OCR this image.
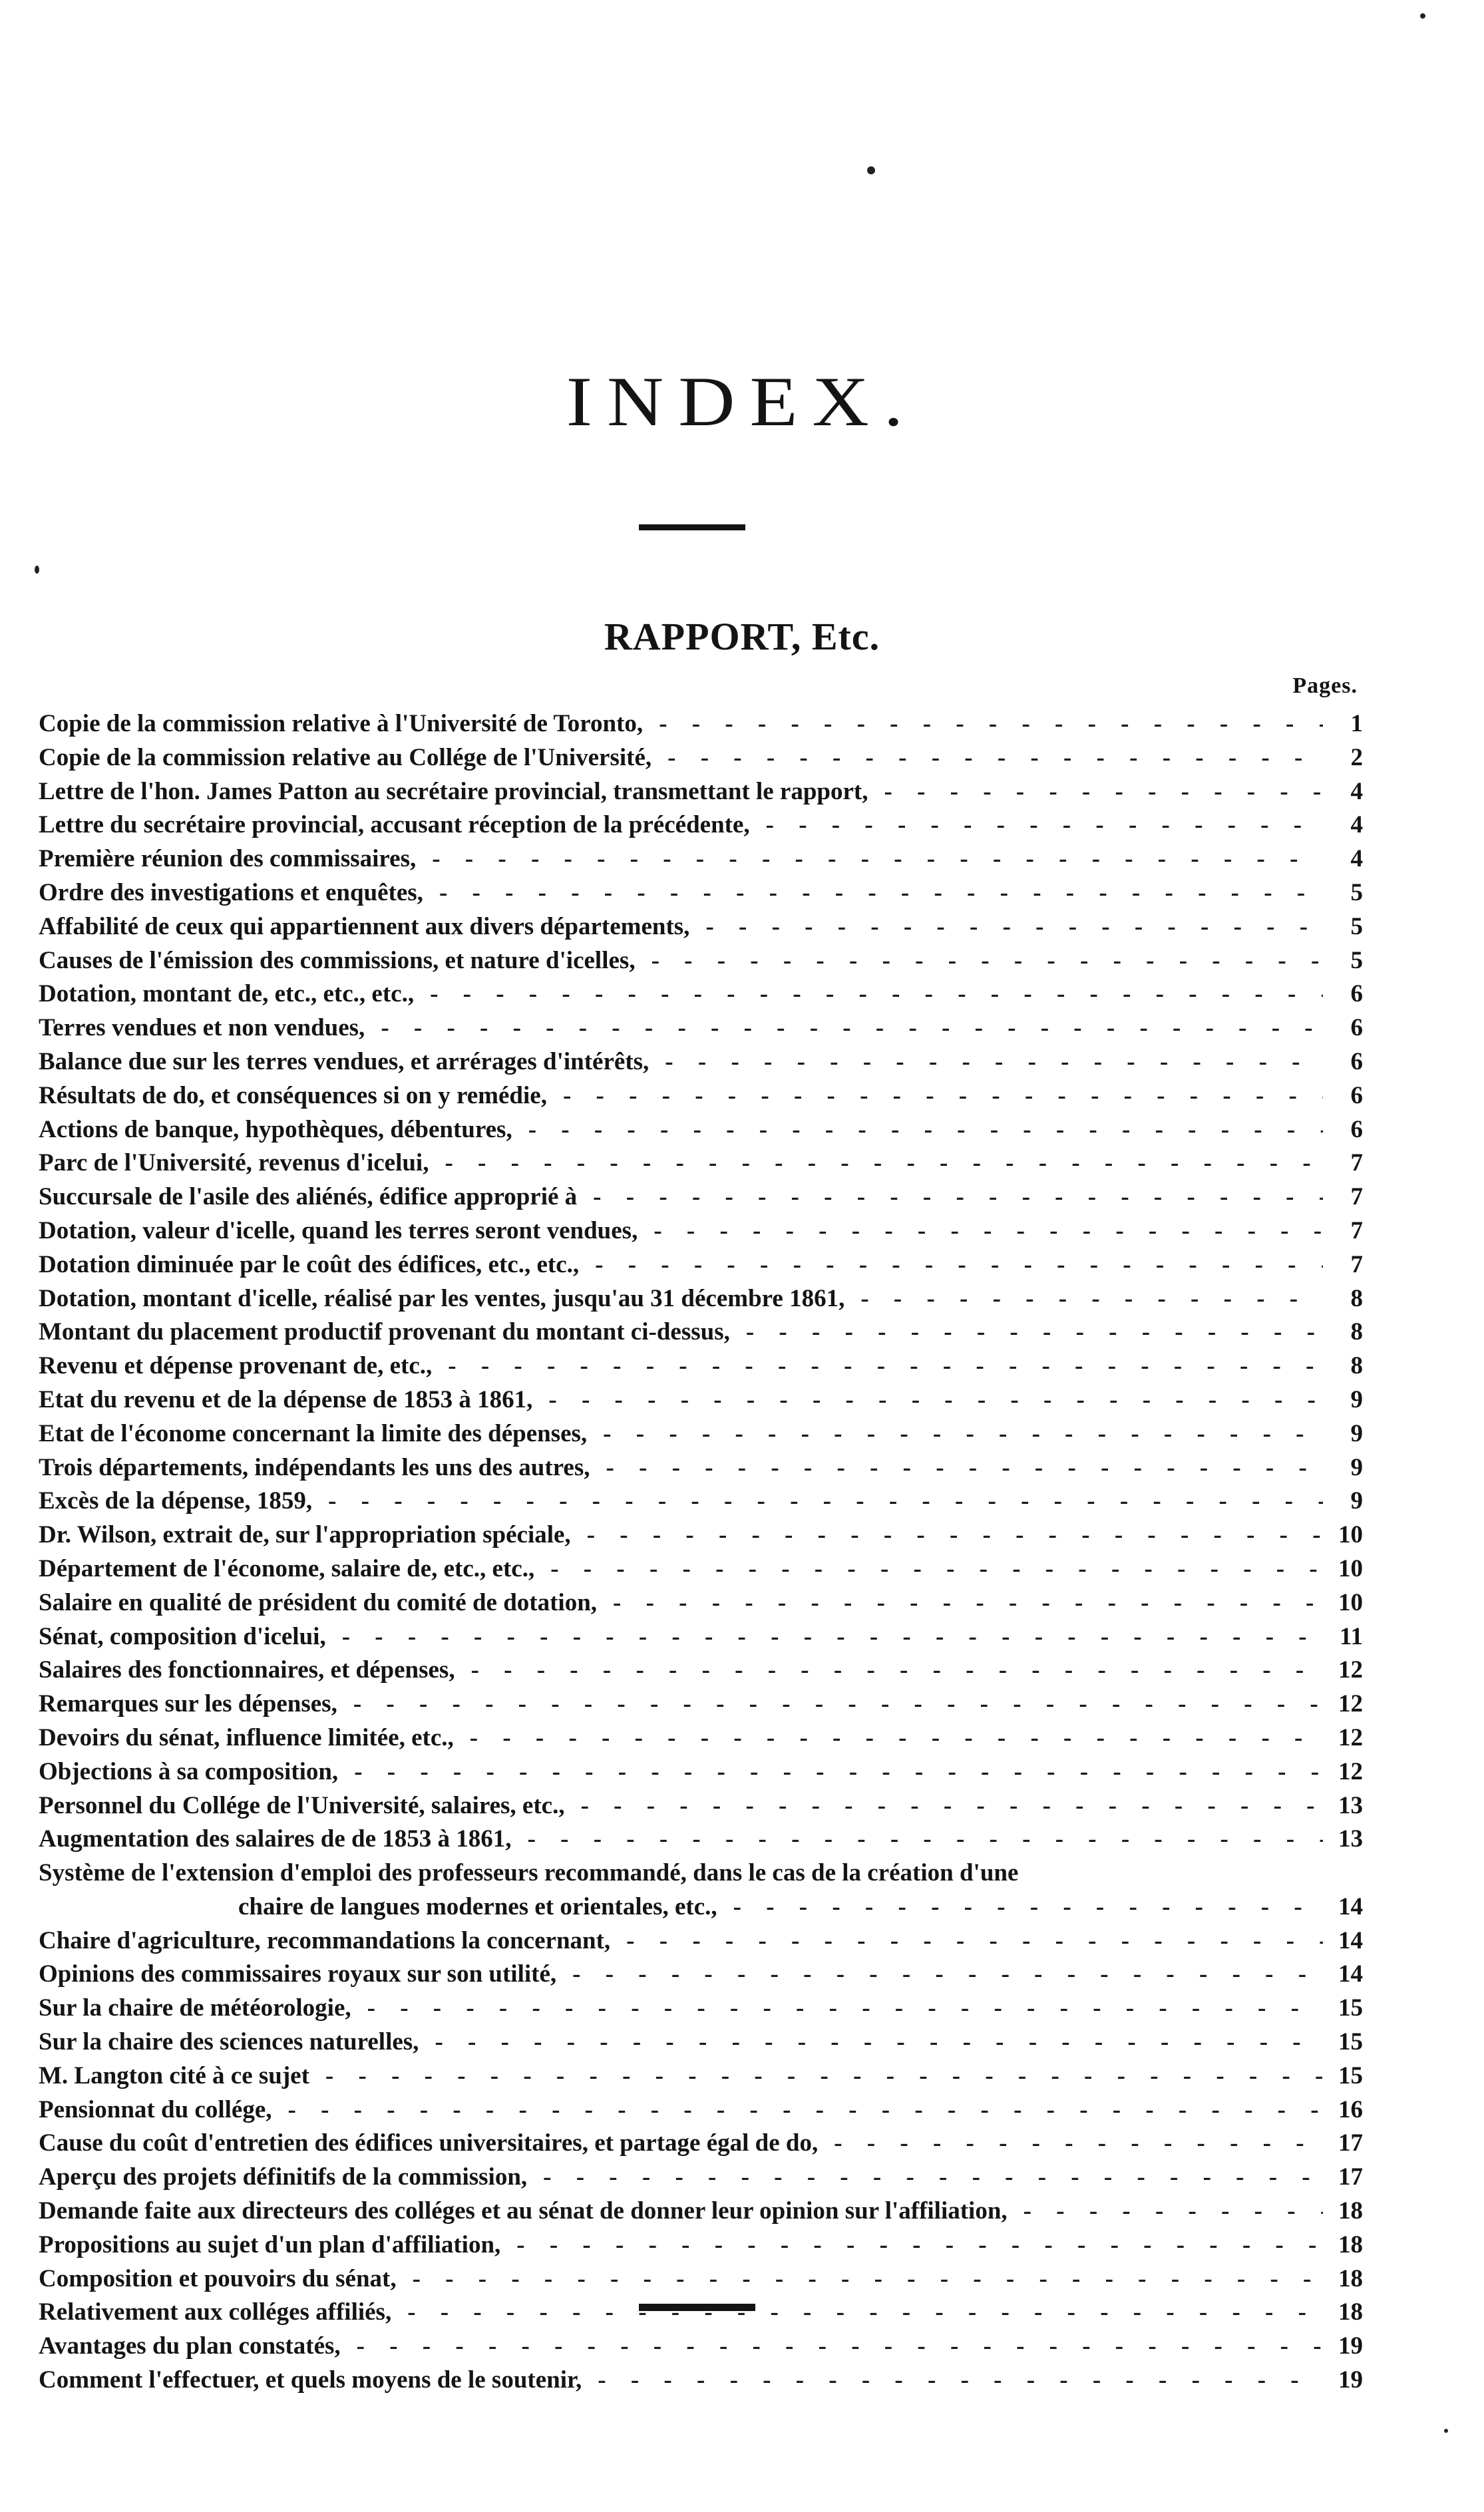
INDEX.
RAPPORT, Etc.
Pages.
Copie de la commission relative à l'Université de Toronto, - - -	1
Copie de la commission relative au Collége de l'Université, - - -	2
Lettre de l'hon. James Patton au secrétaire provincial, transmettant le rapport, - - -	4
Lettre du secrétaire provincial, accusant réception de la précédente, - - -	4
Première réunion des commissaires, - - -	4
Ordre des investigations et enquêtes, - - -	5
Affabilité de ceux qui appartiennent aux divers départements, - - -	5
Causes de l'émission des commissions, et nature d'icelles, - - -	5
Dotation, montant de, etc., etc., etc., - - -	6
Terres vendues et non vendues, - - -	6
Balance due sur les terres vendues, et arrérages d'intérêts, - - -	6
Résultats de do, et conséquences si on y remédie, - - -	6
Actions de banque, hypothèques, débentures, - - -	6
Parc de l'Université, revenus d'icelui, - - -	7
Succursale de l'asile des aliénés, édifice approprié à - - -	7
Dotation, valeur d'icelle, quand les terres seront vendues, - - -	7
Dotation diminuée par le coût des édifices, etc., etc., - - -	7
Dotation, montant d'icelle, réalisé par les ventes, jusqu'au 31 décembre 1861, - - -	8
Montant du placement productif provenant du montant ci-dessus, - - -	8
Revenu et dépense provenant de, etc., - - -	8
Etat du revenu et de la dépense de 1853 à 1861, - - -	9
Etat de l'économe concernant la limite des dépenses, - - -	9
Trois départements, indépendants les uns des autres, - - -	9
Excès de la dépense, 1859, - - -	9
Dr. Wilson, extrait de, sur l'appropriation spéciale, - - -	10
Département de l'économe, salaire de, etc., etc., - - -	10
Salaire en qualité de président du comité de dotation, - - -	10
Sénat, composition d'icelui, - - -	11
Salaires des fonctionnaires, et dépenses, - - -	12
Remarques sur les dépenses, - - -	12
Devoirs du sénat, influence limitée, etc., - - -	12
Objections à sa composition, - - -	12
Personnel du Collége de l'Université, salaires, etc., - - -	13
Augmentation des salaires de de 1853 à 1861, - - -	13
Système de l'extension d'emploi des professeurs recommandé, dans le cas de la création d'une
chaire de langues modernes et orientales, etc., - - -	14
Chaire d'agriculture, recommandations la concernant, - - -	14
Opinions des commissaires royaux sur son utilité, - - -	14
Sur la chaire de météorologie, - - -	15
Sur la chaire des sciences naturelles, - - -	15
M. Langton cité à ce sujet - - -	15
Pensionnat du collége, - - -	16
Cause du coût d'entretien des édifices universitaires, et partage égal de do, - - -	17
Aperçu des projets définitifs de la commission, - - -	17
Demande faite aux directeurs des colléges et au sénat de donner leur opinion sur l'affiliation, - - -	18
Propositions au sujet d'un plan d'affiliation, - - -	18
Composition et pouvoirs du sénat, - - -	18
Relativement aux colléges affiliés, - - -	18
Avantages du plan constatés, - - -	19
Comment l'effectuer, et quels moyens de le soutenir, - - -	19
